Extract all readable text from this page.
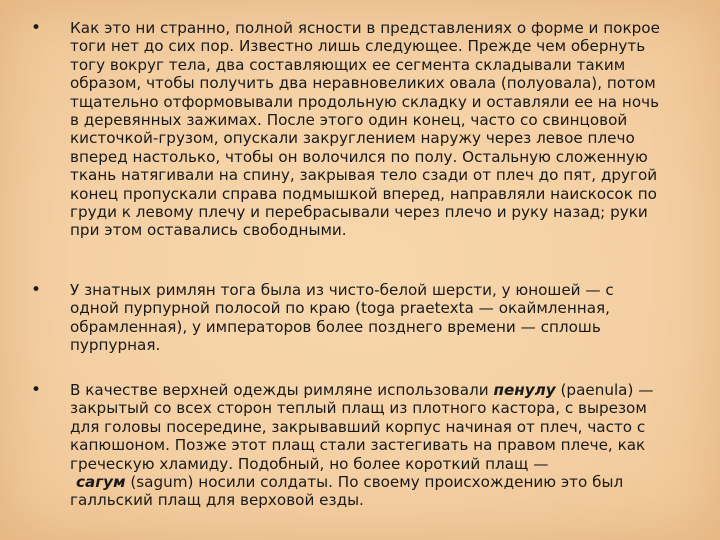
• Как это ни странно, полной ясности в представлениях о форме и покрое
тоги нет до сих пор. Известно лишь следующее. Прежде чем обернуть
тогу вокруг тела, два составляющих ее сегмента складывали таким
образом, чтобы получить два неравновеликих овала (полуовала), потом
тщательно отформовывали продольную складку и оставляли ее на ночь
в деревянных зажимах. После этого один конец, часто со свинцовой
кисточкой-грузом, опускали закруглением наружу через левое плечо
вперед настолько, чтобы он волочился по полу. Остальную сложенную
ткань натягивали на спину, закрывая тело сзади от плеч до пят, другой
конец пропускали справа подмышкой вперед, направляли наискосок по
груди к левому плечу и перебрасывали через плечо и руку назад; руки
при этом оставались свободными.
• У знатных римлян тога была из чисто-белой шерсти, у юношей — с
одной пурпурной полосой по краю (toga praetexta — окаймленная,
обрамленная), у императоров более позднего времени — сплошь
пурпурная.
• В качестве верхней одежды римляне использовали пенулу (paenula) —
закрытый со всех сторон теплый плащ из плотного кастора, с вырезом
для головы посередине, закрывавший корпус начиная от плеч, часто с
капюшоном. Позже этот плащ стали застегивать на правом плече, как
греческую хламиду. Подобный, но более короткий плащ —
сагум (sagum) носили солдаты. По своему происхождению это был
галльский плащ для верховой езды.
